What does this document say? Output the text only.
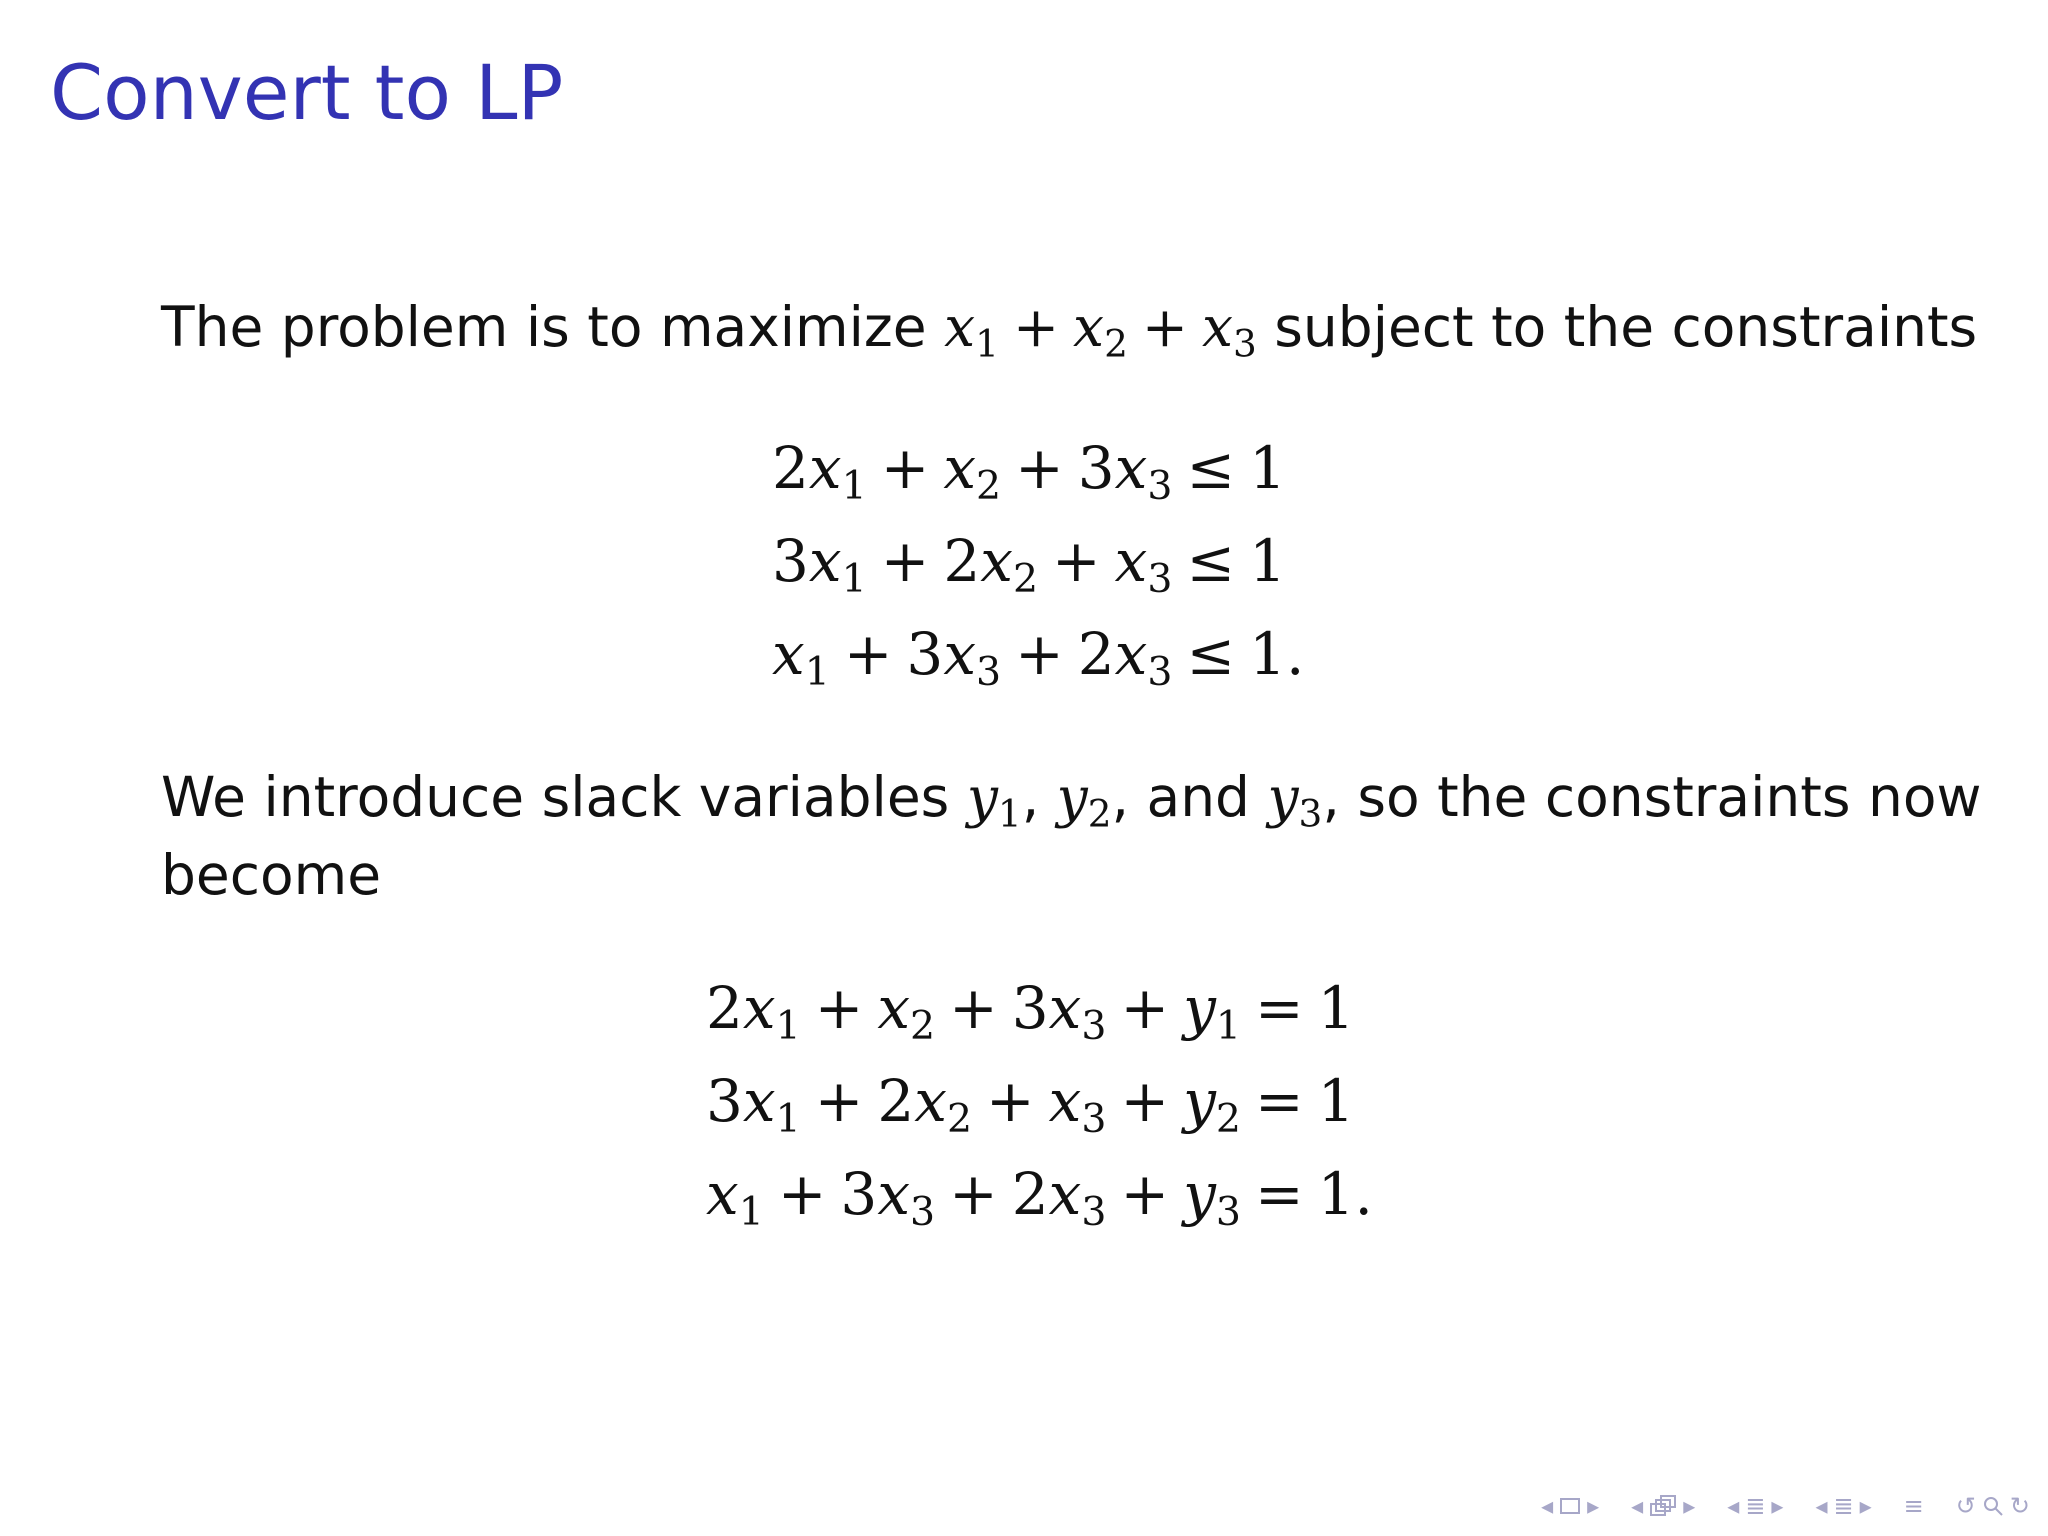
Convert to LP
The problem is to maximize $x_1 + x_2 + x_3$ subject to the constraints
$2x_1 + x_2 + 3x_3 \le 1$
$3x_1 + 2x_2 + x_3 \le 1$
$x_1 + 3x_3 + 2x_3 \le 1$.
We introduce slack variables $y_1$, $y_2$, and $y_3$, so the constraints now
become
$2x_1 + x_2 + 3x_3 + y_1 = 1$
$3x_1 + 2x_2 + x_3 + y_2 = 1$
$x_1 + 3x_3 + 2x_3 + y_3 = 1$.
◂ ▸ ◂ ▸ ◂ ≣ ▸ ◂ ≣ ▸ ≡ ↺ ↻
